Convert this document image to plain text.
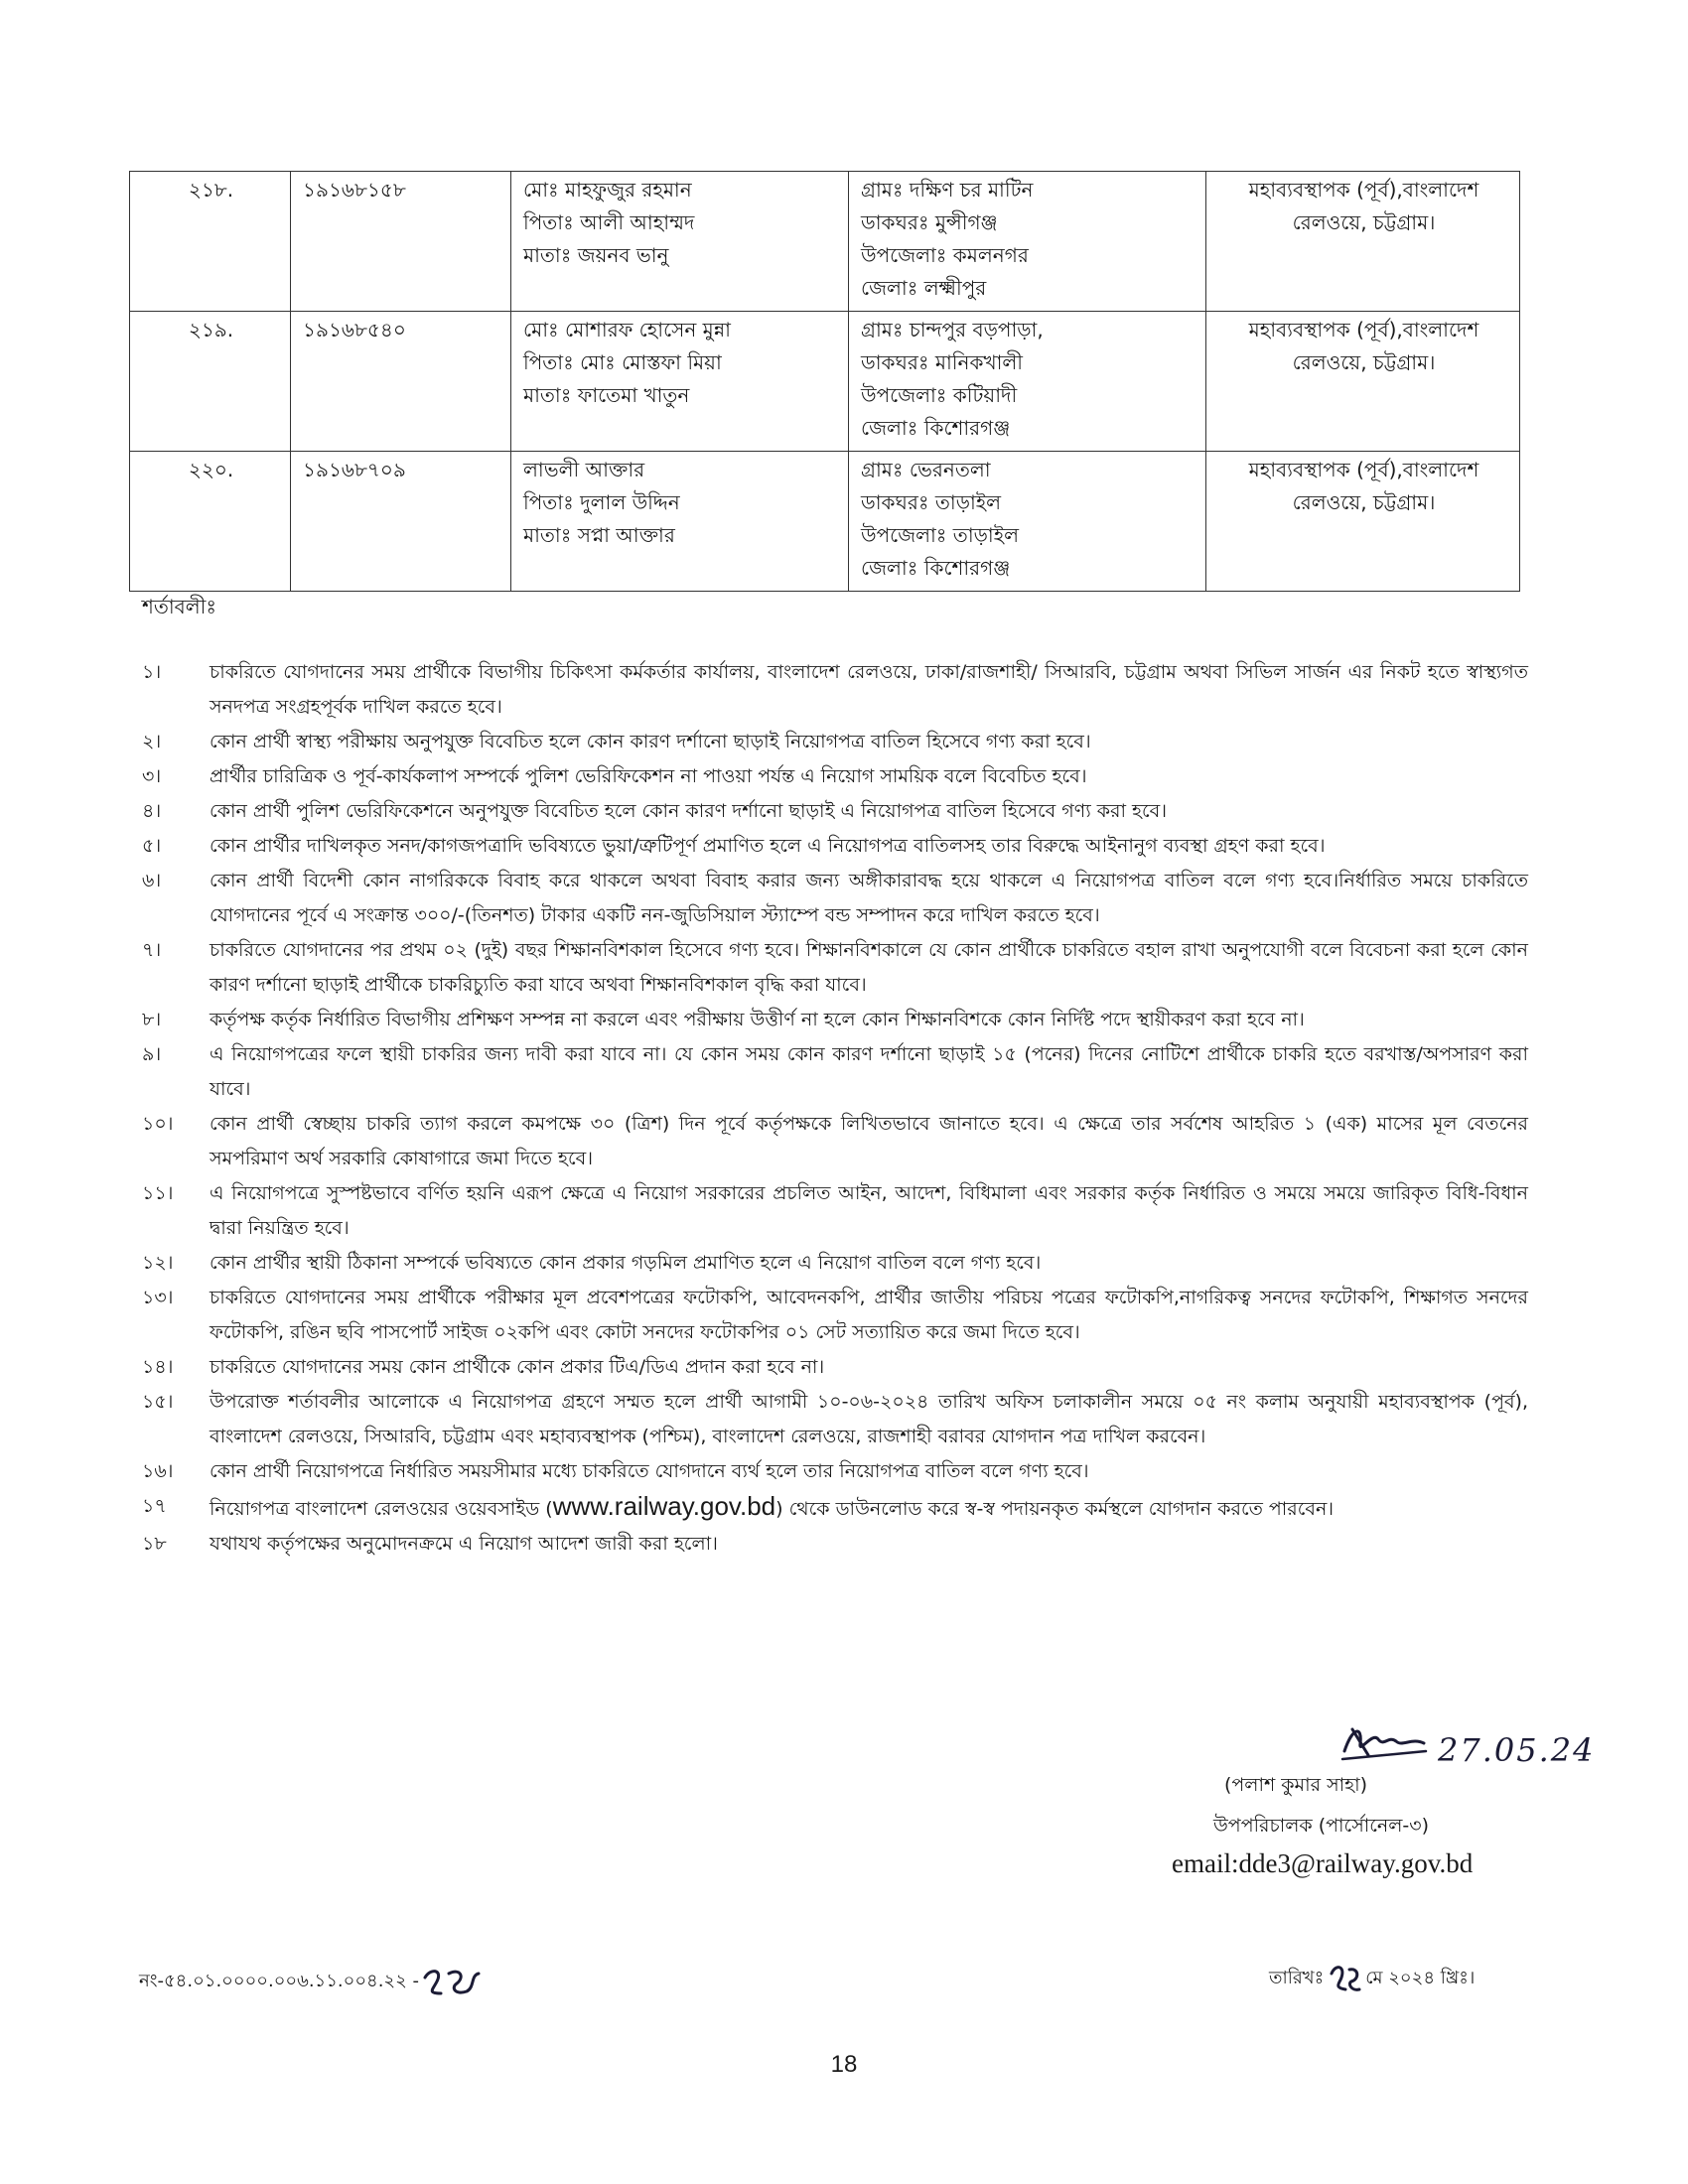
২১৮.	১৯১৬৮১৫৮	মোঃ মাহফুজুর রহমান
পিতাঃ আলী আহাম্মদ
মাতাঃ জয়নব ভানু	গ্রামঃ দক্ষিণ চর মাটিন
ডাকঘরঃ মুন্সীগঞ্জ
উপজেলাঃ কমলনগর
জেলাঃ লক্ষ্মীপুর	মহাব্যবস্থাপক (পূর্ব),বাংলাদেশ
রেলওয়ে, চট্টগ্রাম।

২১৯.	১৯১৬৮৫৪০	মোঃ মোশারফ হোসেন মুন্না
পিতাঃ মোঃ মোস্তফা মিয়া
মাতাঃ ফাতেমা খাতুন	গ্রামঃ চান্দপুর বড়পাড়া,
ডাকঘরঃ মানিকখালী
উপজেলাঃ কটিয়াদী
জেলাঃ কিশোরগঞ্জ	মহাব্যবস্থাপক (পূর্ব),বাংলাদেশ
রেলওয়ে, চট্টগ্রাম।

২২০.	১৯১৬৮৭০৯	লাভলী আক্তার
পিতাঃ দুলাল উদ্দিন
মাতাঃ সপ্না আক্তার	গ্রামঃ ভেরনতলা
ডাকঘরঃ তাড়াইল
উপজেলাঃ তাড়াইল
জেলাঃ কিশোরগঞ্জ	মহাব্যবস্থাপক (পূর্ব),বাংলাদেশ
রেলওয়ে, চট্টগ্রাম।
শর্তাবলীঃ
১।	চাকরিতে যোগদানের সময় প্রার্থীকে বিভাগীয় চিকিৎসা কর্মকর্তার কার্যালয়, বাংলাদেশ রেলওয়ে, ঢাকা/রাজশাহী/ সিআরবি, চট্টগ্রাম অথবা সিভিল সার্জন এর নিকট হতে স্বাস্থ্যগত সনদপত্র সংগ্রহপূর্বক দাখিল করতে হবে।
২।	কোন প্রার্থী স্বাস্থ্য পরীক্ষায় অনুপযুক্ত বিবেচিত হলে কোন কারণ দর্শানো ছাড়াই নিয়োগপত্র বাতিল হিসেবে গণ্য করা হবে।
৩।	প্রার্থীর চারিত্রিক ও পূর্ব-কার্যকলাপ সম্পর্কে পুলিশ ভেরিফিকেশন না পাওয়া পর্যন্ত এ নিয়োগ সাময়িক বলে বিবেচিত হবে।
৪।	কোন প্রার্থী পুলিশ ভেরিফিকেশনে অনুপযুক্ত বিবেচিত হলে কোন কারণ দর্শানো ছাড়াই এ নিয়োগপত্র বাতিল হিসেবে গণ্য করা হবে।
৫।	কোন প্রার্থীর দাখিলকৃত সনদ/কাগজপত্রাদি ভবিষ্যতে ভুয়া/ত্রুটিপূর্ণ প্রমাণিত হলে এ নিয়োগপত্র বাতিলসহ তার বিরুদ্ধে আইনানুগ ব্যবস্থা গ্রহণ করা হবে।
৬।	কোন প্রার্থী বিদেশী কোন নাগরিককে বিবাহ করে থাকলে অথবা বিবাহ করার জন্য অঙ্গীকারাবদ্ধ হয়ে থাকলে এ নিয়োগপত্র বাতিল বলে গণ্য হবে।নির্ধারিত সময়ে চাকরিতে যোগদানের পূর্বে এ সংক্রান্ত ৩০০/-(তিনশত) টাকার একটি নন-জুডিসিয়াল স্ট্যাম্পে বন্ড সম্পাদন করে দাখিল করতে হবে।
৭।	চাকরিতে যোগদানের পর প্রথম ০২ (দুই) বছর শিক্ষানবিশকাল হিসেবে গণ্য হবে। শিক্ষানবিশকালে যে কোন প্রার্থীকে চাকরিতে বহাল রাখা অনুপযোগী বলে বিবেচনা করা হলে কোন কারণ দর্শানো ছাড়াই প্রার্থীকে চাকরিচ্যুতি করা যাবে অথবা শিক্ষানবিশকাল বৃদ্ধি করা যাবে।
৮।	কর্তৃপক্ষ কর্তৃক নির্ধারিত বিভাগীয় প্রশিক্ষণ সম্পন্ন না করলে এবং পরীক্ষায় উত্তীর্ণ না হলে কোন শিক্ষানবিশকে কোন নির্দিষ্ট পদে স্থায়ীকরণ করা হবে না।
৯।	এ নিয়োগপত্রের ফলে স্থায়ী চাকরির জন্য দাবী করা যাবে না। যে কোন সময় কোন কারণ দর্শানো ছাড়াই ১৫ (পনের) দিনের নোটিশে প্রার্থীকে চাকরি হতে বরখাস্ত/অপসারণ করা যাবে।
১০।	কোন প্রার্থী স্বেচ্ছায় চাকরি ত্যাগ করলে কমপক্ষে ৩০ (ত্রিশ) দিন পূর্বে কর্তৃপক্ষকে লিখিতভাবে জানাতে হবে। এ ক্ষেত্রে তার সর্বশেষ আহরিত ১ (এক) মাসের মূল বেতনের সমপরিমাণ অর্থ সরকারি কোষাগারে জমা দিতে হবে।
১১।	এ নিয়োগপত্রে সুস্পষ্টভাবে বর্ণিত হয়নি এরূপ ক্ষেত্রে এ নিয়োগ সরকারের প্রচলিত আইন, আদেশ, বিধিমালা এবং সরকার কর্তৃক নির্ধারিত ও সময়ে সময়ে জারিকৃত বিধি-বিধান দ্বারা নিয়ন্ত্রিত হবে।
১২।	কোন প্রার্থীর স্থায়ী ঠিকানা সম্পর্কে ভবিষ্যতে কোন প্রকার গড়মিল প্রমাণিত হলে এ নিয়োগ বাতিল বলে গণ্য হবে।
১৩।	চাকরিতে যোগদানের সময় প্রার্থীকে পরীক্ষার মূল প্রবেশপত্রের ফটোকপি, আবেদনকপি, প্রার্থীর জাতীয় পরিচয় পত্রের ফটোকপি,নাগরিকত্ব সনদের ফটোকপি, শিক্ষাগত সনদের ফটোকপি, রঙিন ছবি পাসপোর্ট সাইজ ০২কপি এবং কোটা সনদের ফটোকপির ০১ সেট সত্যায়িত করে জমা দিতে হবে।
১৪।	চাকরিতে যোগদানের সময় কোন প্রার্থীকে কোন প্রকার টিএ/ডিএ প্রদান করা হবে না।
১৫।	উপরোক্ত শর্তাবলীর আলোকে এ নিয়োগপত্র গ্রহণে সম্মত হলে প্রার্থী আগামী ১০-০৬-২০২৪ তারিখ অফিস চলাকালীন সময়ে ০৫ নং কলাম অনুযায়ী মহাব্যবস্থাপক (পূর্ব), বাংলাদেশ রেলওয়ে, সিআরবি, চট্টগ্রাম এবং মহাব্যবস্থাপক (পশ্চিম), বাংলাদেশ রেলওয়ে, রাজশাহী বরাবর যোগদান পত্র দাখিল করবেন।
১৬।	কোন প্রার্থী নিয়োগপত্রে নির্ধারিত সময়সীমার মধ্যে চাকরিতে যোগদানে ব্যর্থ হলে তার নিয়োগপত্র বাতিল বলে গণ্য হবে।
১৭	নিয়োগপত্র বাংলাদেশ রেলওয়ের ওয়েবসাইড (www.railway.gov.bd) থেকে ডাউনলোড করে স্ব-স্ব পদায়নকৃত কর্মস্থলে যোগদান করতে পারবেন।
১৮	যথাযথ কর্তৃপক্ষের অনুমোদনক্রমে এ নিয়োগ আদেশ জারী করা হলো।
27.05.24
(পলাশ কুমার সাহা)
উপপরিচালক (পার্সোনেল-৩)
email:dde3@railway.gov.bd
নং-৫৪.০১.০০০০.০০৬.১১.০০৪.২২ -	তারিখঃ মে ২০২৪ খ্রিঃ।
18
